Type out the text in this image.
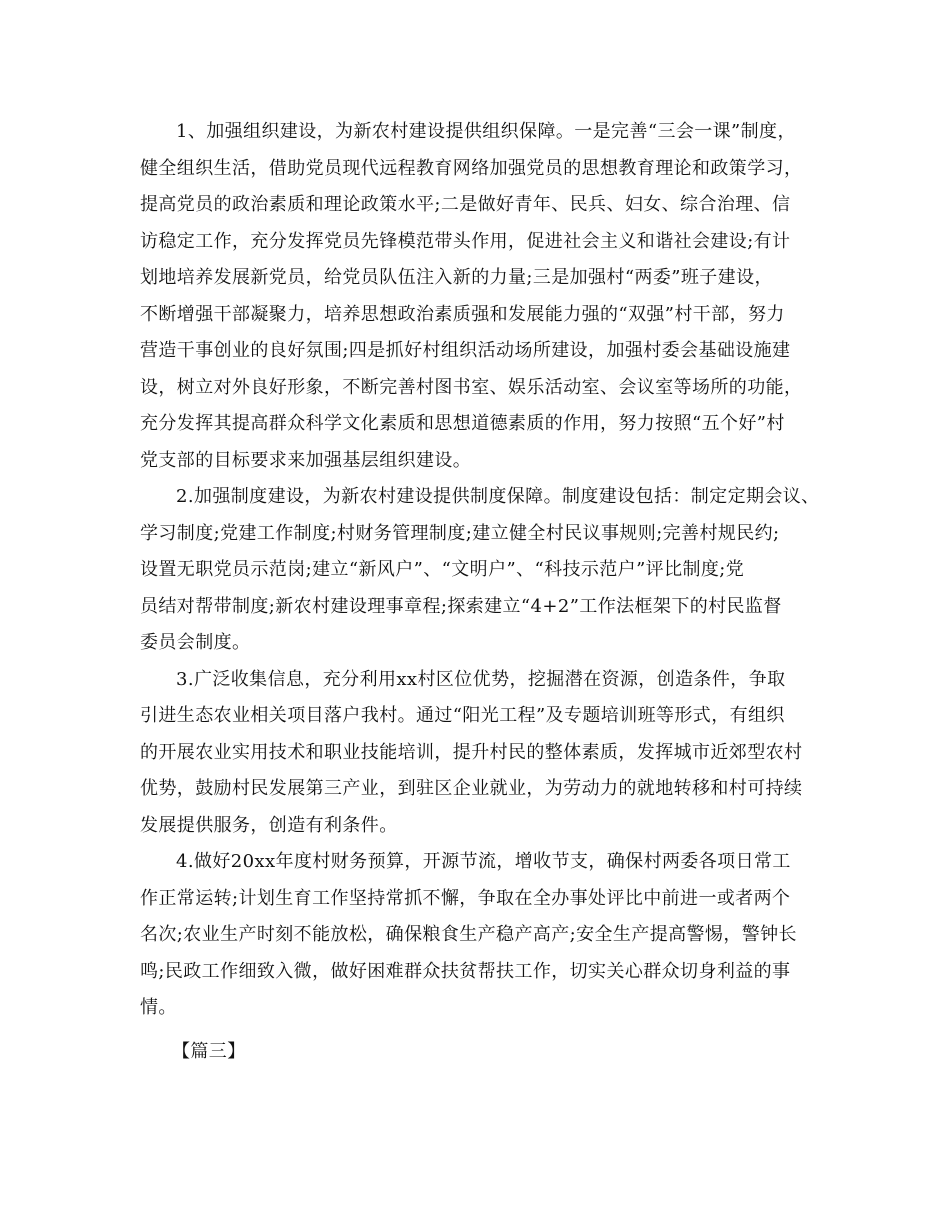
1、加强组织建设，为新农村建设提供组织保障。一是完善“三会一课”制度，
健全组织生活，借助党员现代远程教育网络加强党员的思想教育理论和政策学习，
提高党员的政治素质和理论政策水平;二是做好青年、民兵、妇女、综合治理、信
访稳定工作，充分发挥党员先锋模范带头作用，促进社会主义和谐社会建设;有计
划地培养发展新党员，给党员队伍注入新的力量;三是加强村“两委”班子建设，
不断增强干部凝聚力，培养思想政治素质强和发展能力强的“双强”村干部，努力
营造干事创业的良好氛围;四是抓好村组织活动场所建设，加强村委会基础设施建
设，树立对外良好形象，不断完善村图书室、娱乐活动室、会议室等场所的功能，
充分发挥其提高群众科学文化素质和思想道德素质的作用，努力按照“五个好”村
党支部的目标要求来加强基层组织建设。
2.加强制度建设，为新农村建设提供制度保障。制度建设包括：制定定期会议、
学习制度;党建工作制度;村财务管理制度;建立健全村民议事规则;完善村规民约;
设置无职党员示范岗;建立“新风户”、“文明户”、“科技示范户”评比制度;党
员结对帮带制度;新农村建设理事章程;探索建立“4+2”工作法框架下的村民监督
委员会制度。
3.广泛收集信息，充分利用xx村区位优势，挖掘潜在资源，创造条件，争取
引进生态农业相关项目落户我村。通过“阳光工程”及专题培训班等形式，有组织
的开展农业实用技术和职业技能培训，提升村民的整体素质，发挥城市近郊型农村
优势，鼓励村民发展第三产业，到驻区企业就业，为劳动力的就地转移和村可持续
发展提供服务，创造有利条件。
4.做好20xx年度村财务预算，开源节流，增收节支，确保村两委各项日常工
作正常运转;计划生育工作坚持常抓不懈，争取在全办事处评比中前进一或者两个
名次;农业生产时刻不能放松，确保粮食生产稳产高产;安全生产提高警惕，警钟长
鸣;民政工作细致入微，做好困难群众扶贫帮扶工作，切实关心群众切身利益的事
情。
【篇三】
